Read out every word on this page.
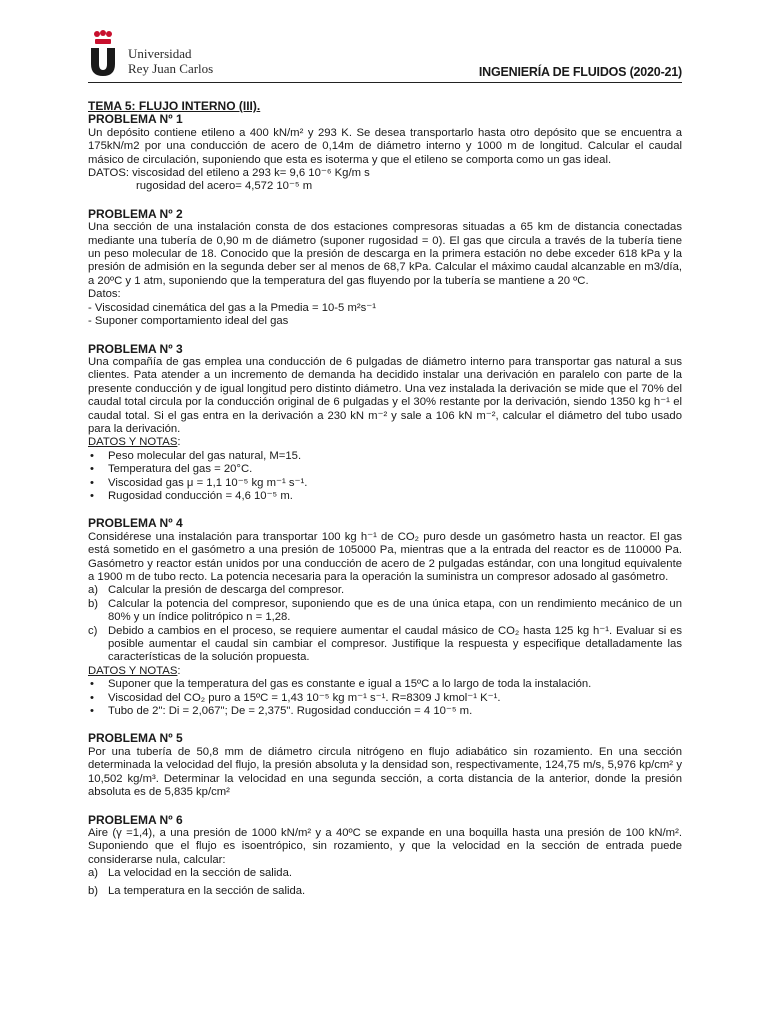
Universidad
Rey Juan Carlos	INGENIERÍA DE FLUIDOS (2020-21)

TEMA 5: FLUJO INTERNO (III).

PROBLEMA Nº 1

Un depósito contiene etileno a 400 kN/m² y 293 K. Se desea transportarlo hasta otro depósito que se encuentra a 175kN/m2 por una conducción de acero de 0,14m de diámetro interno y 1000 m de longitud. Calcular el caudal másico de circulación, suponiendo que esta es isoterma y que el etileno se comporta como un gas ideal.

DATOS: viscosidad del etileno a 293 k= 9,6 10⁻⁶ Kg/m s

rugosidad del acero= 4,572 10⁻⁵ m

PROBLEMA Nº 2

Una sección de una instalación consta de dos estaciones compresoras situadas a 65 km de distancia conectadas mediante una tubería de 0,90 m de diámetro (suponer rugosidad = 0). El gas que circula a través de la tubería tiene un peso molecular de 18. Conocido que la presión de descarga en la primera estación no debe exceder 618 kPa y la presión de admisión en la segunda deber ser al menos de 68,7 kPa. Calcular el máximo caudal alcanzable en m3/día, a 20ºC y 1 atm, suponiendo que la temperatura del gas fluyendo por la tubería se mantiene a 20 ºC.

Datos:

- Viscosidad cinemática del gas a la Pmedia = 10-5 m²s⁻¹

- Suponer comportamiento ideal del gas

PROBLEMA Nº 3

Una compañía de gas emplea una conducción de 6 pulgadas de diámetro interno para transportar gas natural a sus clientes. Pata atender a un incremento de demanda ha decidido instalar una derivación en paralelo con parte de la presente conducción y de igual longitud pero distinto diámetro. Una vez instalada la derivación se mide que el 70% del caudal total circula por la conducción original de 6 pulgadas y el 30% restante por la derivación, siendo 1350 kg h⁻¹ el caudal total. Si el gas entra en la derivación a 230 kN m⁻² y sale a 106 kN m⁻², calcular el diámetro del tubo usado para la derivación.

DATOS Y NOTAS:

• Peso molecular del gas natural, M=15.
• Temperatura del gas = 20°C.
• Viscosidad gas μ = 1,1 10⁻⁵ kg m⁻¹ s⁻¹.
• Rugosidad conducción = 4,6 10⁻⁵ m.

PROBLEMA Nº 4

Considérese una instalación para transportar 100 kg h⁻¹ de CO₂ puro desde un gasómetro hasta un reactor. El gas está sometido en el gasómetro a una presión de 105000 Pa, mientras que a la entrada del reactor es de 110000 Pa. Gasómetro y reactor están unidos por una conducción de acero de 2 pulgadas estándar, con una longitud equivalente a 1900 m de tubo recto. La potencia necesaria para la operación la suministra un compresor adosado al gasómetro.

a) Calcular la presión de descarga del compresor.
b) Calcular la potencia del compresor, suponiendo que es de una única etapa, con un rendimiento mecánico de un 80% y un índice politrópico n = 1,28.
c) Debido a cambios en el proceso, se requiere aumentar el caudal másico de CO₂ hasta 125 kg h⁻¹. Evaluar si es posible aumentar el caudal sin cambiar el compresor. Justifique la respuesta y especifique detalladamente las características de la solución propuesta.

DATOS Y NOTAS:

• Suponer que la temperatura del gas es constante e igual a 15ºC a lo largo de toda la instalación.
• Viscosidad del CO₂ puro a 15ºC = 1,43 10⁻⁵ kg m⁻¹ s⁻¹. R=8309 J kmol⁻¹ K⁻¹.
• Tubo de 2": Di = 2,067"; De = 2,375". Rugosidad conducción = 4 10⁻⁵ m.

PROBLEMA Nº 5

Por una tubería de 50,8 mm de diámetro circula nitrógeno en flujo adiabático sin rozamiento. En una sección determinada la velocidad del flujo, la presión absoluta y la densidad son, respectivamente, 124,75 m/s, 5,976 kp/cm² y 10,502 kg/m³. Determinar la velocidad en una segunda sección, a corta distancia de la anterior, donde la presión absoluta es de 5,835 kp/cm²

PROBLEMA Nº 6

Aire (γ =1,4), a una presión de 1000 kN/m² y a 40ºC se expande en una boquilla hasta una presión de 100 kN/m². Suponiendo que el flujo es isoentrópico, sin rozamiento, y que la velocidad en la sección de entrada puede considerarse nula, calcular:

a) La velocidad en la sección de salida.
b) La temperatura en la sección de salida.
